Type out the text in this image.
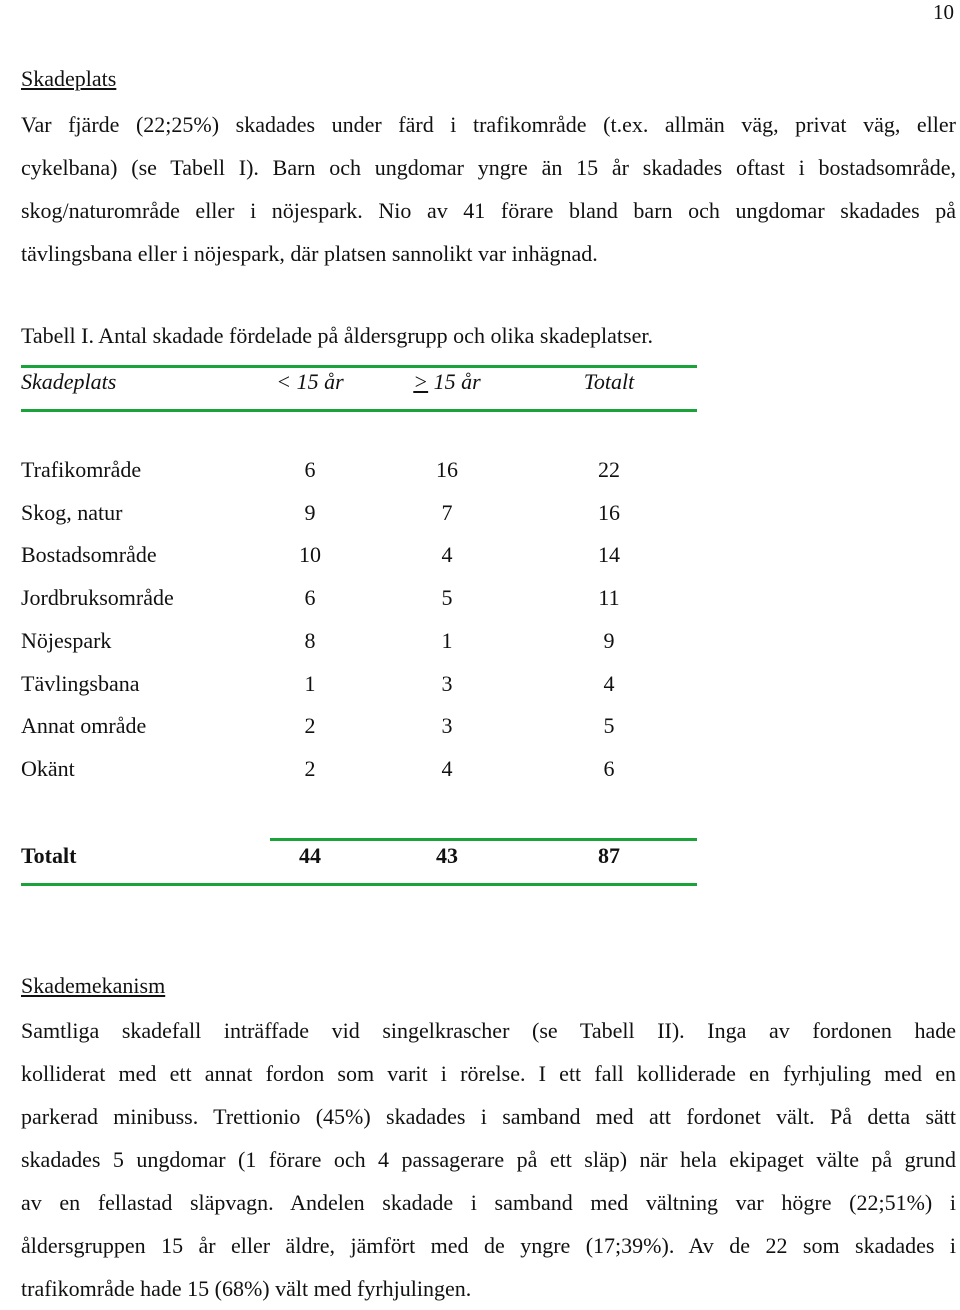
10
Skadeplats
Var fjärde (22;25%) skadades under färd i trafikområde (t.ex. allmän väg, privat väg, eller
cykelbana) (se Tabell I). Barn och ungdomar yngre än 15 år skadades oftast i bostadsområde,
skog/naturområde eller i nöjespark. Nio av 41 förare bland barn och ungdomar skadades på
tävlingsbana eller i nöjespark, där platsen sannolikt var inhägnad.
Tabell I. Antal skadade fördelade på åldersgrupp och olika skadeplatser.
Skadeplats	< 15 år	≥ 15 år	Totalt
Trafikområde	6	16	22
Skog, natur	9	7	16
Bostadsområde	10	4	14
Jordbruksområde	6	5	11
Nöjespark	8	1	9
Tävlingsbana	1	3	4
Annat område	2	3	5
Okänt	2	4	6
Totalt	44	43	87
Skademekanism
Samtliga skadefall inträffade vid singelkrascher (se Tabell II). Inga av fordonen hade
kolliderat med ett annat fordon som varit i rörelse. I ett fall kolliderade en fyrhjuling med en
parkerad minibuss. Trettionio (45%) skadades i samband med att fordonet vält. På detta sätt
skadades 5 ungdomar (1 förare och 4 passagerare på ett släp) när hela ekipaget välte på grund
av en fellastad släpvagn. Andelen skadade i samband med vältning var högre (22;51%) i
åldersgruppen 15 år eller äldre, jämfört med de yngre (17;39%). Av de 22 som skadades i
trafikområde hade 15 (68%) vält med fyrhjulingen.
